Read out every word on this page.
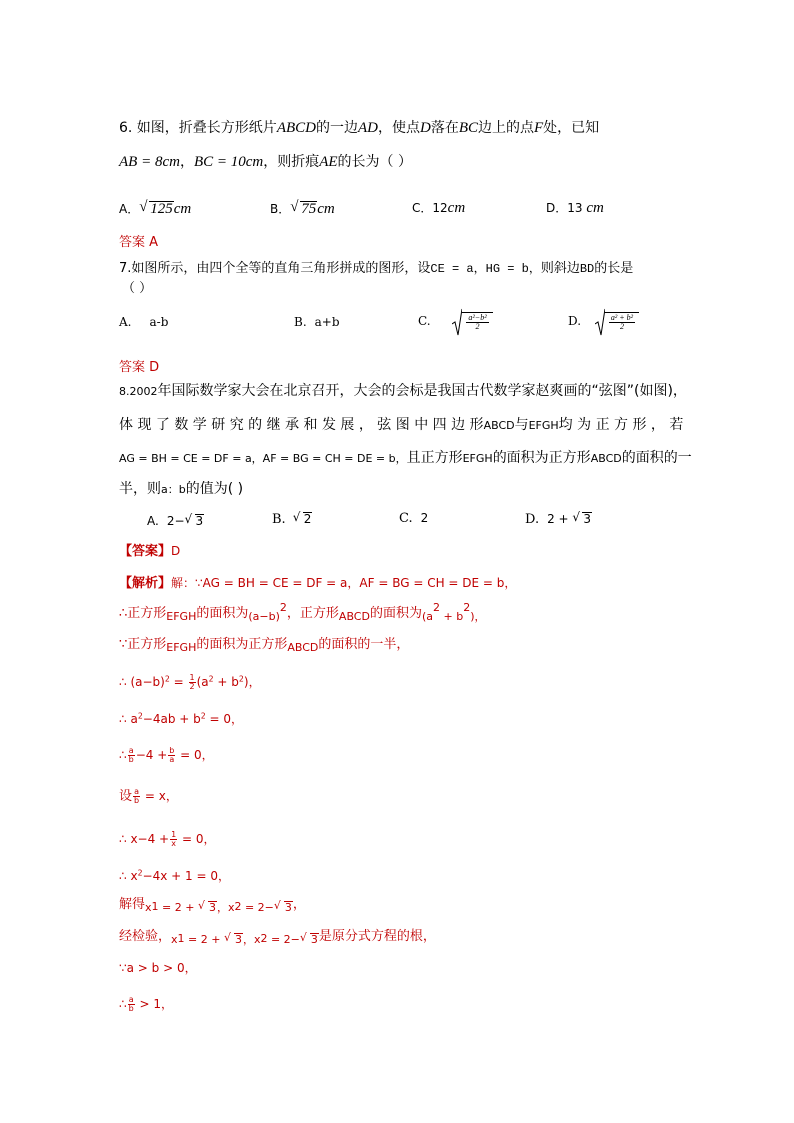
6. 如图，折叠长方形纸片ABCD的一边AD，使点D落在BC边上的点F处，已知
AB = 8cm，BC = 10cm，则折痕AE的长为（ ）
A． √ 125cm	B． √ 75cm	C．12cm	D．13 cm
答案 A
7.如图所示，由四个全等的直角三角形拼成的图形，设CE = a，HG = b，则斜边BD的长是
（ ）
A. a-b	B. a+b	C.	$\frac{\text{a²−b²}}{2}$	D.	$\frac{\text{a² + b²}}{2}$
答案 D
8.2002年国际数学家大会在北京召开，大会的会标是我国古代数学家赵爽画的“弦图”(如图)，
体 现 了 数 学 研 究 的 继 承 和 发 展 ， 弦 图 中 四 边 形ABCD与EFGH均 为 正 方 形 ， 若
AG = BH = CE = DF = a，AF = BG = CH = DE = b，且正方形EFGH的面积为正方形ABCD的面积的一
半，则a：b的值为( )
A. 2− √ 3	B. √ 2	C. 2	D. 2 + √ 3
【答案】D
【解析】解：∵AG = BH = CE = DF = a，AF = BG = CH = DE = b，
∴正方形$_{EFGH}$的面积为$_{(a-b)}^2$，正方形$_{ABCD}$的面积为$_{(a}^2$ $_{+ b}^2_{),}$
∵正方形$_{EFGH}$的面积为正方形$_{ABCD}$的面积的一半，
∴ $(a-b)^2 = \frac{1}{2} (a^2 + b^2)$，
∴ $a^2-4ab + b^2 = 0$，
∴ $\frac{a}{b} -4 + \frac{b}{a} = 0$，
设 $\frac{a}{b} = x$，
∴ $x-4 + \frac{1}{x} = 0$，
∴ $x^2-4x + 1 = 0$，
解得$_{x1}$ $_{= 2 +}$ √ $3_{,x2}$ $_{= 2-}$ √ 3，
经检验，$_{x1}$ $_{= 2 +}$ √ $3_{,x2}$ $_{= 2-}$ √ 3是原分式方程的根，
∵a > b > 0，
∴ $\frac{a}{b} > 1$，
